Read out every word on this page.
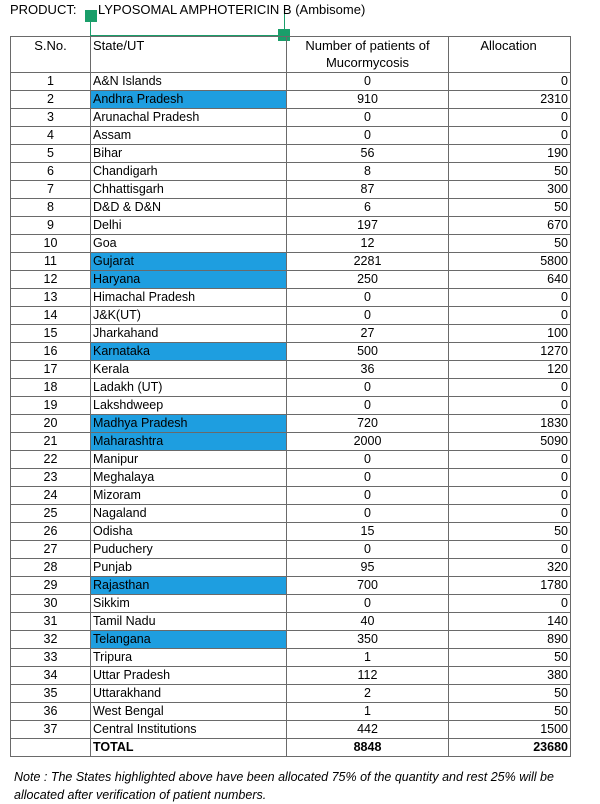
PRODUCT: LYPOSOMAL AMPHOTERICIN B (Ambisome)
S.No.	State/UT	Number of patients of Mucormycosis	Allocation
1	A&N Islands	0	0
2	Andhra Pradesh	910	2310
3	Arunachal Pradesh	0	0
4	Assam	0	0
5	Bihar	56	190
6	Chandigarh	8	50
7	Chhattisgarh	87	300
8	D&D & D&N	6	50
9	Delhi	197	670
10	Goa	12	50
11	Gujarat	2281	5800
12	Haryana	250	640
13	Himachal Pradesh	0	0
14	J&K(UT)	0	0
15	Jharkahand	27	100
16	Karnataka	500	1270
17	Kerala	36	120
18	Ladakh (UT)	0	0
19	Lakshdweep	0	0
20	Madhya Pradesh	720	1830
21	Maharashtra	2000	5090
22	Manipur	0	0
23	Meghalaya	0	0
24	Mizoram	0	0
25	Nagaland	0	0
26	Odisha	15	50
27	Puduchery	0	0
28	Punjab	95	320
29	Rajasthan	700	1780
30	Sikkim	0	0
31	Tamil Nadu	40	140
32	Telangana	350	890
33	Tripura	1	50
34	Uttar Pradesh	112	380
35	Uttarakhand	2	50
36	West Bengal	1	50
37	Central Institutions	442	1500
	TOTAL	8848	23680
Note : The States highlighted above have been allocated 75% of the quantity and rest 25% will be allocated after verification of patient numbers.
